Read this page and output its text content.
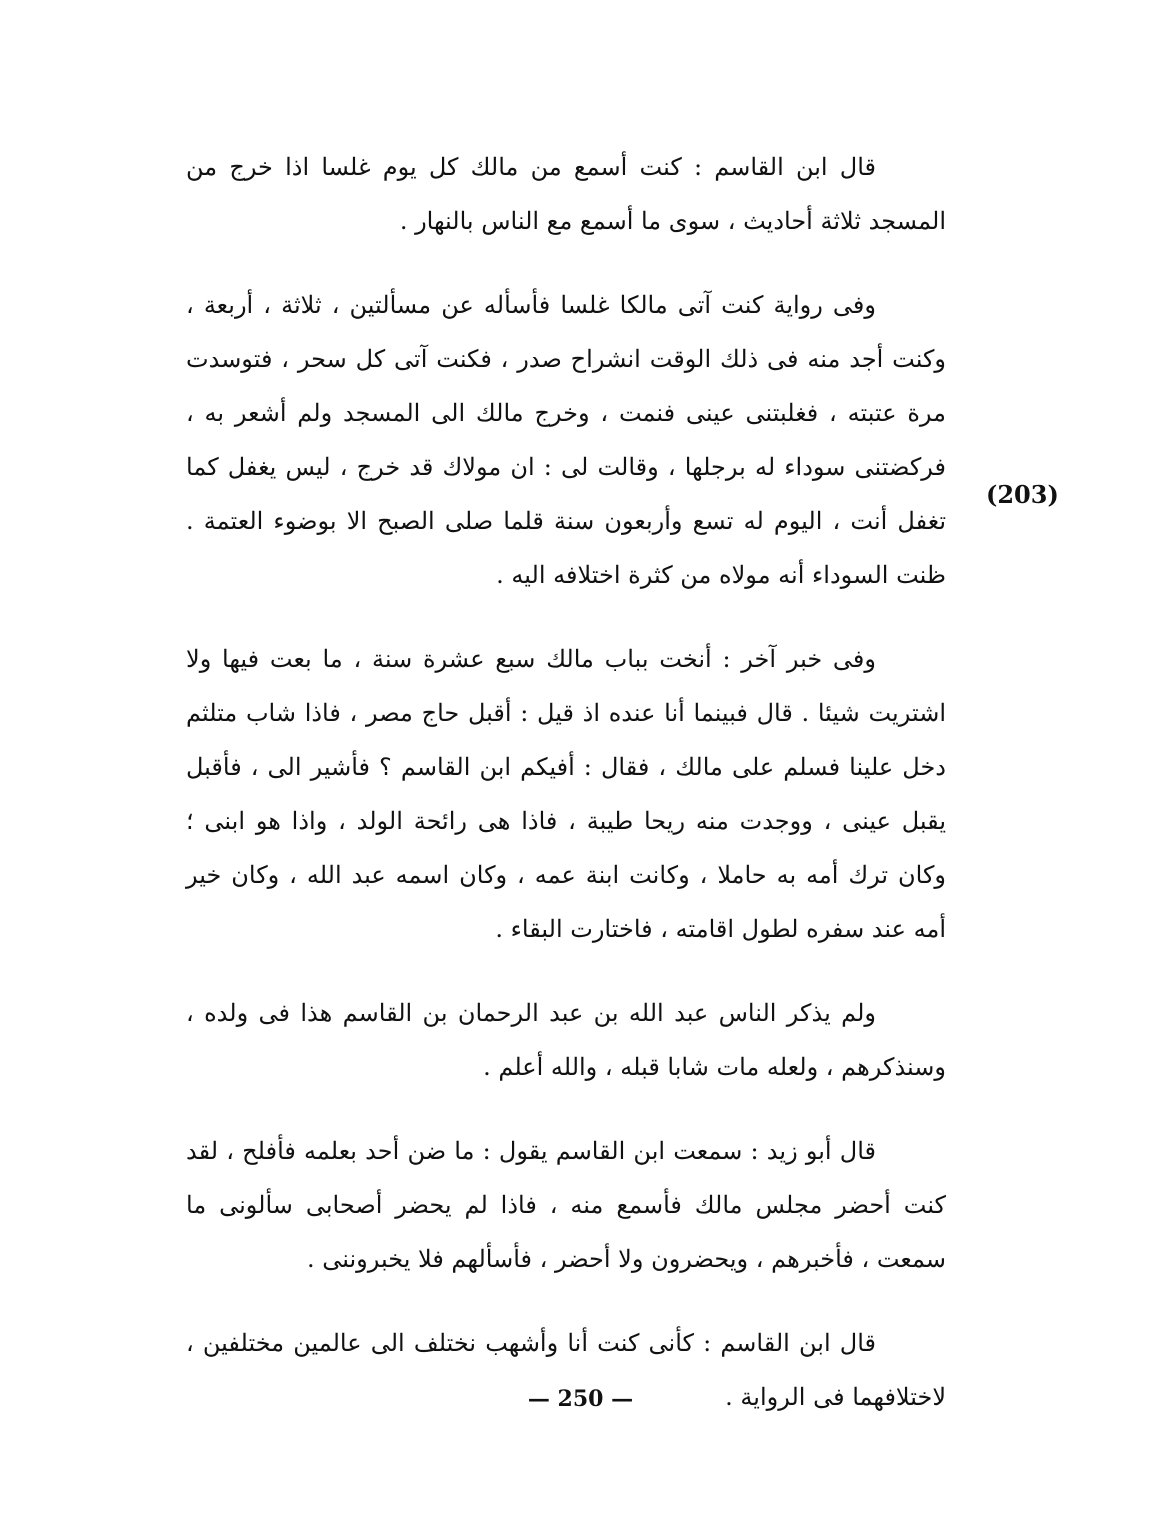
قال ابن القاسم : كنت أسمع من مالك كل يوم غلسا اذا خرج من المسجد ثلاثة أحاديث ، سوى ما أسمع مع الناس بالنهار .

وفى رواية كنت آتى مالكا غلسا فأسأله عن مسألتين ، ثلاثة ، أربعة ، وكنت أجد منه فى ذلك الوقت انشراح صدر ، فكنت آتى كل سحر ، فتوسدت مرة عتبته ، فغلبتنى عينى فنمت ، وخرج مالك الى المسجد ولم أشعر به ، فركضتنى سوداء له برجلها ، وقالت لى : ان مولاك قد خرج ، ليس يغفل كما تغفل أنت ، اليوم له تسع وأربعون سنة قلما صلى الصبح الا بوضوء العتمة . ظنت السوداء أنه مولاه من كثرة اختلافه اليه .

وفى خبر آخر : أنخت بباب مالك سبع عشرة سنة ، ما بعت فيها ولا اشتريت شيئا . قال فبينما أنا عنده اذ قيل : أقبل حاج مصر ، فاذا شاب متلثم دخل علينا فسلم على مالك ، فقال : أفيكم ابن القاسم ؟ فأشير الى ، فأقبل يقبل عينى ، ووجدت منه ريحا طيبة ، فاذا هى رائحة الولد ، واذا هو ابنى ؛ وكان ترك أمه به حاملا ، وكانت ابنة عمه ، وكان اسمه عبد الله ، وكان خير أمه عند سفره لطول اقامته ، فاختارت البقاء .

ولم يذكر الناس عبد الله بن عبد الرحمان بن القاسم هذا فى ولده ، وسنذكرهم ، ولعله مات شابا قبله ، والله أعلم .

قال أبو زيد : سمعت ابن القاسم يقول : ما ضن أحد بعلمه فأفلح ، لقد كنت أحضر مجلس مالك فأسمع منه ، فاذا لم يحضر أصحابى سألونى ما سمعت ، فأخبرهم ، ويحضرون ولا أحضر ، فأسألهم فلا يخبروننى .

قال ابن القاسم : كأنى كنت أنا وأشهب نختلف الى عالمين مختلفين ، لاختلافهما فى الرواية .

(203)
— 250 —
